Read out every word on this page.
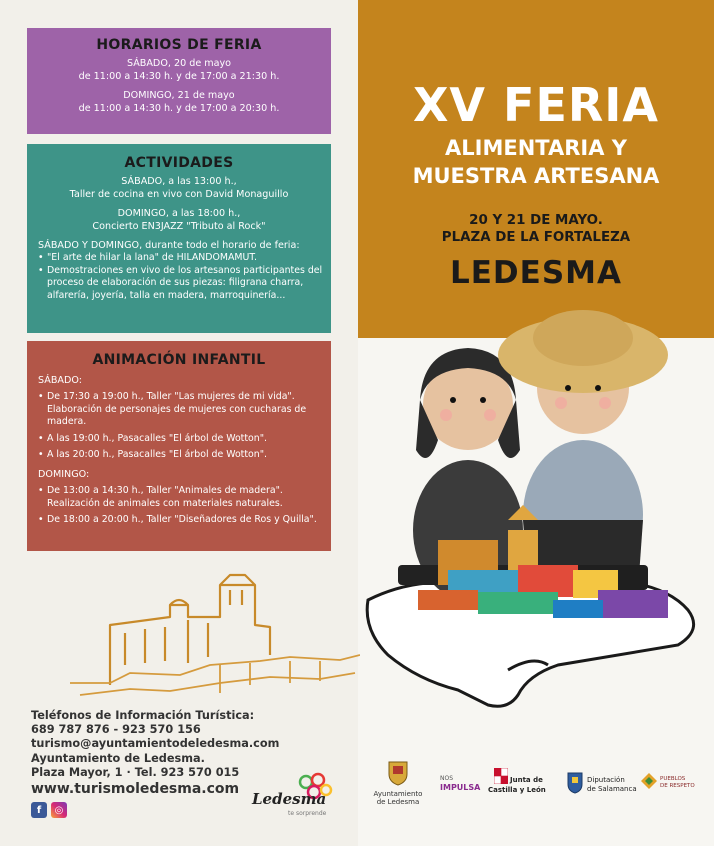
HORARIOS DE FERIA
SÁBADO, 20 de mayo
de 11:00 a 14:30 h. y de 17:00 a 21:30 h.
DOMINGO, 21 de mayo
de 11:00 a 14:30 h. y de 17:00 a 20:30 h.
ACTIVIDADES
SÁBADO, a las 13:00 h.,
Taller de cocina en vivo con David Monaguillo
DOMINGO, a las 18:00 h.,
Concierto EN3JAZZ "Tributo al Rock"
SÁBADO Y DOMINGO, durante todo el horario de feria:
• "El arte de hilar la lana" de HILANDOMAMUT.
• Demostraciones en vivo de los artesanos participantes del proceso de elaboración de sus piezas: filigrana charra, alfarería, joyería, talla en madera, marroquinería...
ANIMACIÓN INFANTIL
SÁBADO:
• De 17:30 a 19:00 h., Taller "Las mujeres de mi vida". Elaboración de personajes de mujeres con cucharas de madera.
• A las 19:00 h., Pasacalles "El árbol de Wotton".
• A las 20:00 h., Pasacalles "El árbol de Wotton".
DOMINGO:
• De 13:00 a 14:30 h., Taller "Animales de madera". Realización de animales con materiales naturales.
• De 18:00 a 20:00 h., Taller "Diseñadores de Ros y Quilla".
Teléfonos de Información Turística:
689 787 876 - 923 570 156
turismo@ayuntamientodeledesma.com
Ayuntamiento de Ledesma.
Plaza Mayor, 1 · Tel. 923 570 015
www.turismoledesma.com
f	◎
Ledesma
te sorprende
XV FERIA
ALIMENTARIA Y
MUESTRA ARTESANA
20 Y 21 DE MAYO.
PLAZA DE LA FORTALEZA
LEDESMA
Ayuntamiento
de Ledesma
NOS
IMPULSA
Junta de
Castilla y León
Diputación
de Salamanca
PUEBLOS
DE RESPETO
